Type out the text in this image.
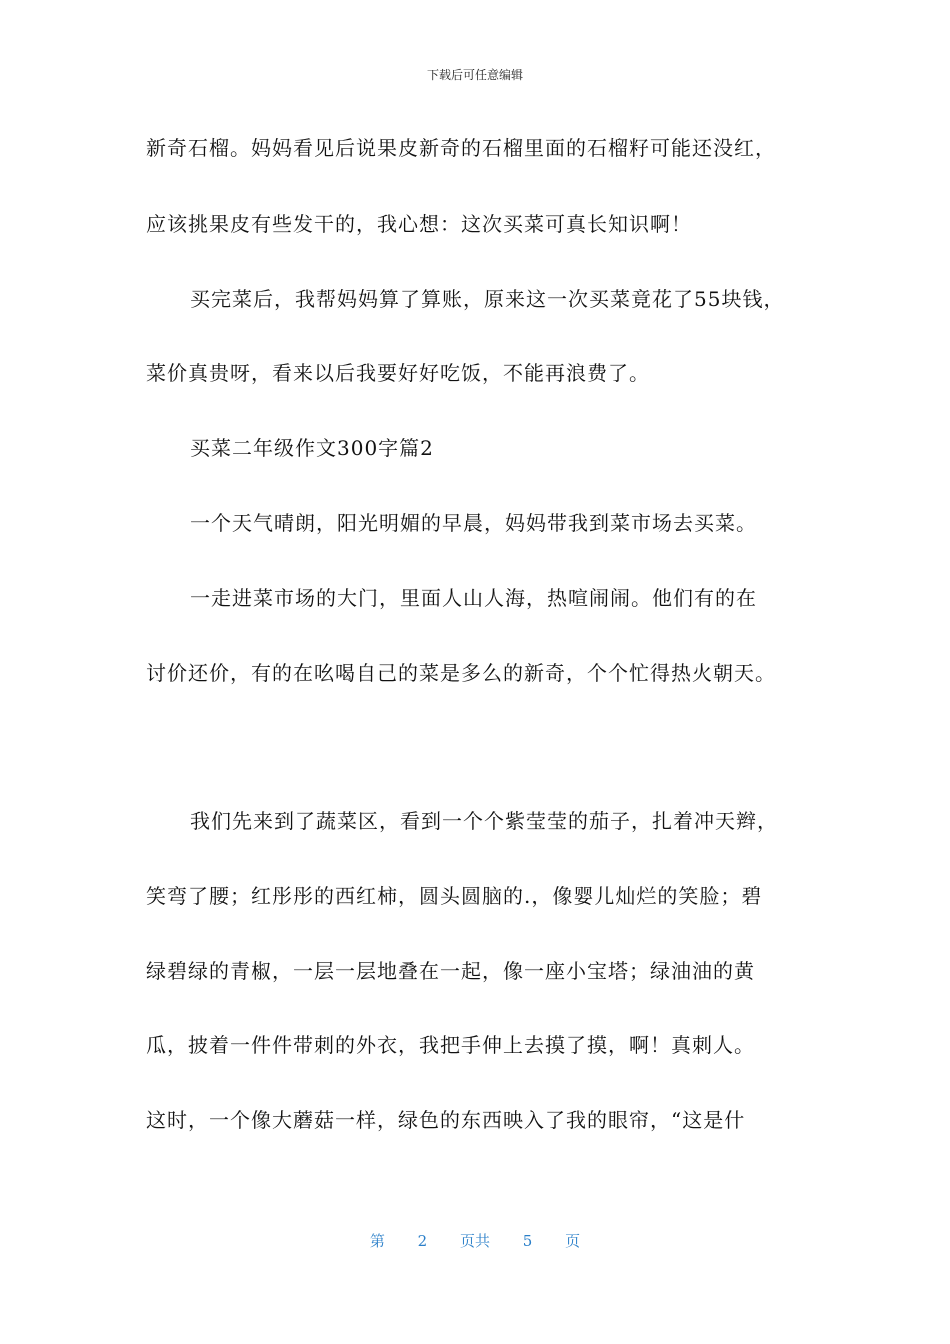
下载后可任意编辑
新奇石榴。妈妈看见后说果皮新奇的石榴里面的石榴籽可能还没红，
应该挑果皮有些发干的，我心想：这次买菜可真长知识啊！
买完菜后，我帮妈妈算了算账，原来这一次买菜竟花了55块钱，
菜价真贵呀，看来以后我要好好吃饭，不能再浪费了。
买菜二年级作文300字篇2
一个天气晴朗，阳光明媚的早晨，妈妈带我到菜市场去买菜。
一走进菜市场的大门，里面人山人海，热喧闹闹。他们有的在
讨价还价，有的在吆喝自己的菜是多么的新奇，个个忙得热火朝天。
我们先来到了蔬菜区，看到一个个紫莹莹的茄子，扎着冲天辫，
笑弯了腰；红彤彤的西红柿，圆头圆脑的.，像婴儿灿烂的笑脸；碧
绿碧绿的青椒，一层一层地叠在一起，像一座小宝塔；绿油油的黄
瓜，披着一件件带刺的外衣，我把手伸上去摸了摸，啊！真刺人。
这时，一个像大蘑菇一样，绿色的东西映入了我的眼帘，“这是什
第 2 页共 5 页
